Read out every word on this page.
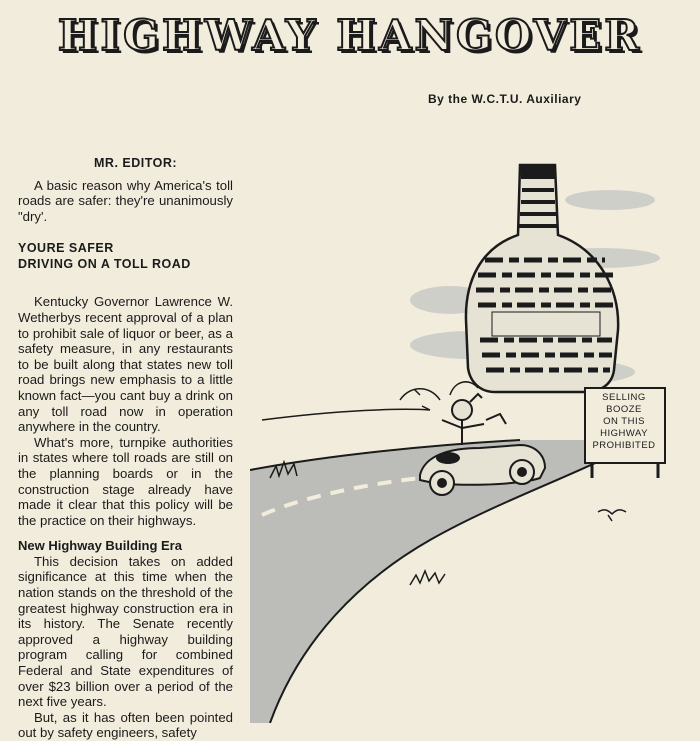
HIGHWAY HANGOVER
By the W.C.T.U. Auxiliary
MR. EDITOR:

A basic reason why America's toll roads are safer: they're unanimously "dry'.

YOURE SAFER
DRIVING ON A TOLL ROAD

Kentucky Governor Lawrence W. Wetherbys recent approval of a plan to prohibit sale of liquor or beer, as a safety measure, in any restaurants to be built along that states new toll road brings new emphasis to a little known fact—you cant buy a drink on any toll road now in operation anywhere in the country.

What's more, turnpike authorities in states where toll roads are still on the planning boards or in the construction stage already have made it clear that this policy will be the practice on their highways.

New Highway Building Era

This decision takes on added significance at this time when the nation stands on the threshold of the greatest highway construction era in its history. The Senate recently approved a highway building program calling for combined Federal and State expenditures of over $23 billion over a period of the next five years.

But, as it has often been pointed out by safety engineers, safety

SELLING
BOOZE
ON THIS
HIGHWAY
PROHIBITED
